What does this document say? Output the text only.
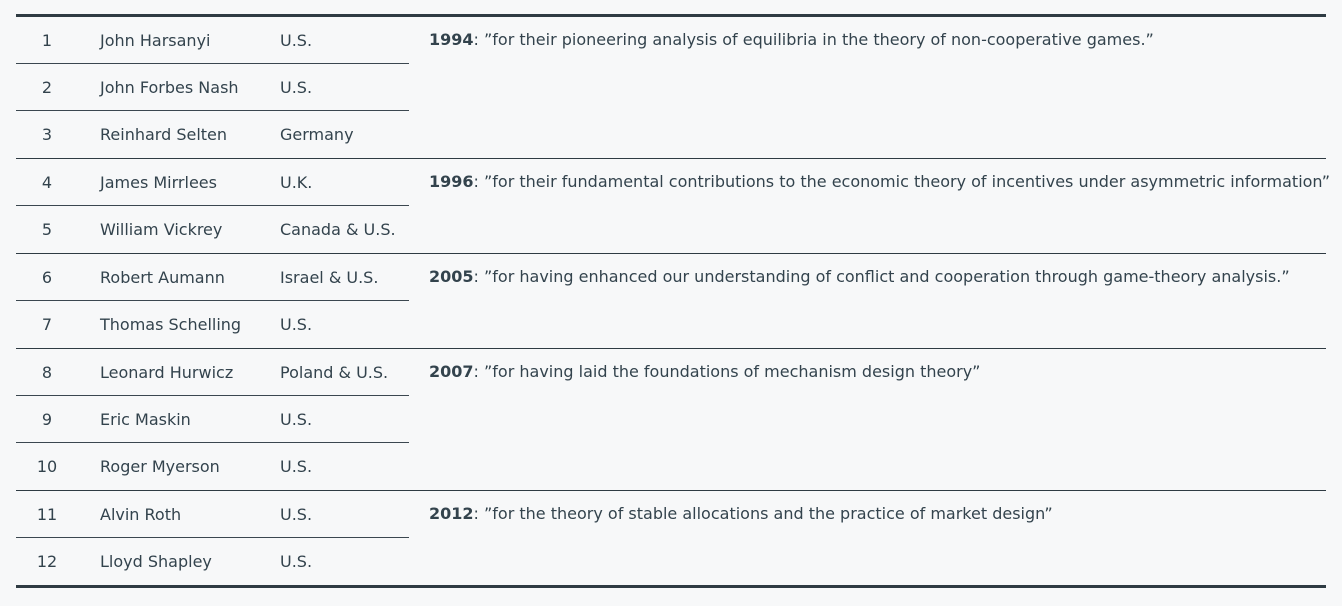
1	John Harsanyi	U.S.
2	John Forbes Nash	U.S.
3	Reinhard Selten	Germany
1994: ”for their pioneering analysis of equilibria in the theory of non-cooperative games.”
4	James Mirrlees	U.K.
5	William Vickrey	Canada & U.S.
1996: ”for their fundamental contributions to the economic theory of incentives under asymmetric information”
6	Robert Aumann	Israel & U.S.
7	Thomas Schelling	U.S.
2005: ”for having enhanced our understanding of conflict and cooperation through game-theory analysis.”
8	Leonard Hurwicz	Poland & U.S.
9	Eric Maskin	U.S.
10	Roger Myerson	U.S.
2007: ”for having laid the foundations of mechanism design theory”
11	Alvin Roth	U.S.
12	Lloyd Shapley	U.S.
2012: ”for the theory of stable allocations and the practice of market design”
